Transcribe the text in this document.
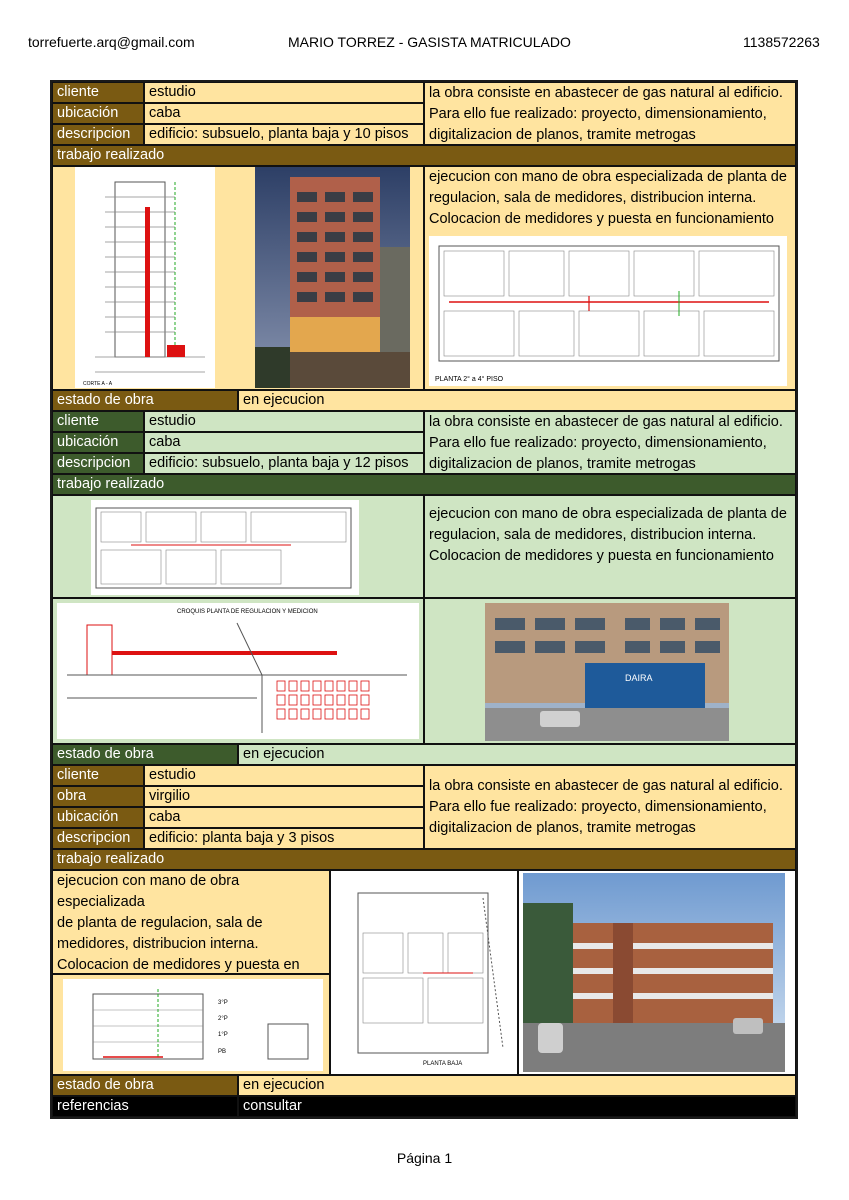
torrefuerte.arq@gmail.com	MARIO TORREZ - GASISTA MATRICULADO	1138572263
cliente	estudio
ubicación	caba
descripcion	edificio: subsuelo, planta baja y 10 pisos
la obra consiste en abastecer de gas natural al edificio.
Para ello fue realizado: proyecto, dimensionamiento,
digitalizacion de planos, tramite metrogas
trabajo realizado
CORTE A - A
ejecucion con mano de obra especializada de planta de
regulacion, sala de medidores, distribucion interna.
Colocacion de medidores y puesta en funcionamiento
PLANTA 2° a 4° PISO
estado de obra	en ejecucion
cliente	estudio
ubicación	caba
descripcion	edificio: subsuelo, planta baja y 12 pisos
la obra consiste en abastecer de gas natural al edificio.
Para ello fue realizado: proyecto, dimensionamiento,
digitalizacion de planos, tramite metrogas
trabajo realizado
ejecucion con mano de obra especializada de planta de
regulacion, sala de medidores, distribucion interna.
Colocacion de medidores y puesta en funcionamiento
CROQUIS PLANTA DE REGULACION Y MEDICION
DAIRA
estado de obra	en ejecucion
cliente	estudio
obra	virgilio
ubicación	caba
descripcion	edificio: planta baja y 3 pisos
la obra consiste en abastecer de gas natural al edificio.
Para ello fue realizado: proyecto, dimensionamiento,
digitalizacion de planos, tramite metrogas
trabajo realizado
ejecucion con mano de obra especializada
de planta de regulacion, sala de
medidores, distribucion interna.
Colocacion de medidores y puesta en
3°P
2°P
1°P
PB
PLANTA BAJA
estado de obra	en ejecucion
referencias	consultar
Página 1
